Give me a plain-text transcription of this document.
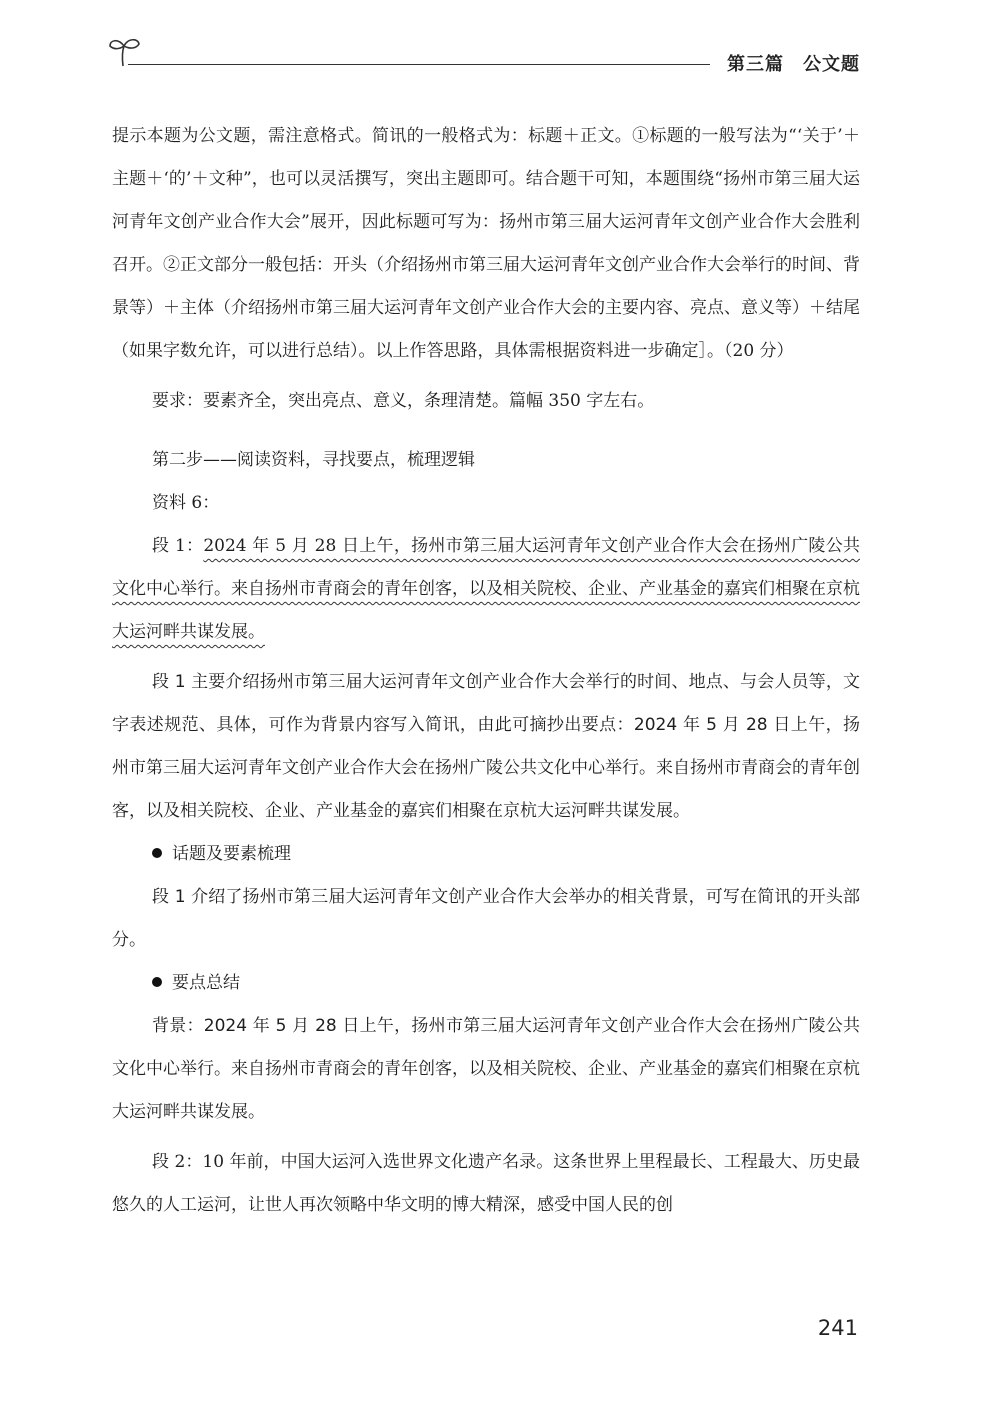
第三篇　公文题

提示本题为公文题，需注意格式。简讯的一般格式为：标题＋正文。①标题的一般写法为“‘关于’＋主题＋‘的’＋文种”，也可以灵活撰写，突出主题即可。结合题干可知，本题围绕“扬州市第三届大运河青年文创产业合作大会”展开，因此标题可写为：扬州市第三届大运河青年文创产业合作大会胜利召开。②正文部分一般包括：开头（介绍扬州市第三届大运河青年文创产业合作大会举行的时间、背景等）＋主体（介绍扬州市第三届大运河青年文创产业合作大会的主要内容、亮点、意义等）＋结尾（如果字数允许，可以进行总结）。以上作答思路，具体需根据资料进一步确定］。（20 分）

要求：要素齐全，突出亮点、意义，条理清楚。篇幅 350 字左右。

第二步——阅读资料，寻找要点，梳理逻辑

资料 6：

段 1：2024 年 5 月 28 日上午，扬州市第三届大运河青年文创产业合作大会在扬州广陵公共文化中心举行。来自扬州市青商会的青年创客，以及相关院校、企业、产业基金的嘉宾们相聚在京杭大运河畔共谋发展。

段 1 主要介绍扬州市第三届大运河青年文创产业合作大会举行的时间、地点、与会人员等，文字表述规范、具体，可作为背景内容写入简讯，由此可摘抄出要点：2024 年 5 月 28 日上午，扬州市第三届大运河青年文创产业合作大会在扬州广陵公共文化中心举行。来自扬州市青商会的青年创客，以及相关院校、企业、产业基金的嘉宾们相聚在京杭大运河畔共谋发展。

话题及要素梳理

段 1 介绍了扬州市第三届大运河青年文创产业合作大会举办的相关背景，可写在简讯的开头部分。

要点总结

背景：2024 年 5 月 28 日上午，扬州市第三届大运河青年文创产业合作大会在扬州广陵公共文化中心举行。来自扬州市青商会的青年创客，以及相关院校、企业、产业基金的嘉宾们相聚在京杭大运河畔共谋发展。

段 2：10 年前，中国大运河入选世界文化遗产名录。这条世界上里程最长、工程最大、历史最悠久的人工运河，让世人再次领略中华文明的博大精深，感受中国人民的创

241
